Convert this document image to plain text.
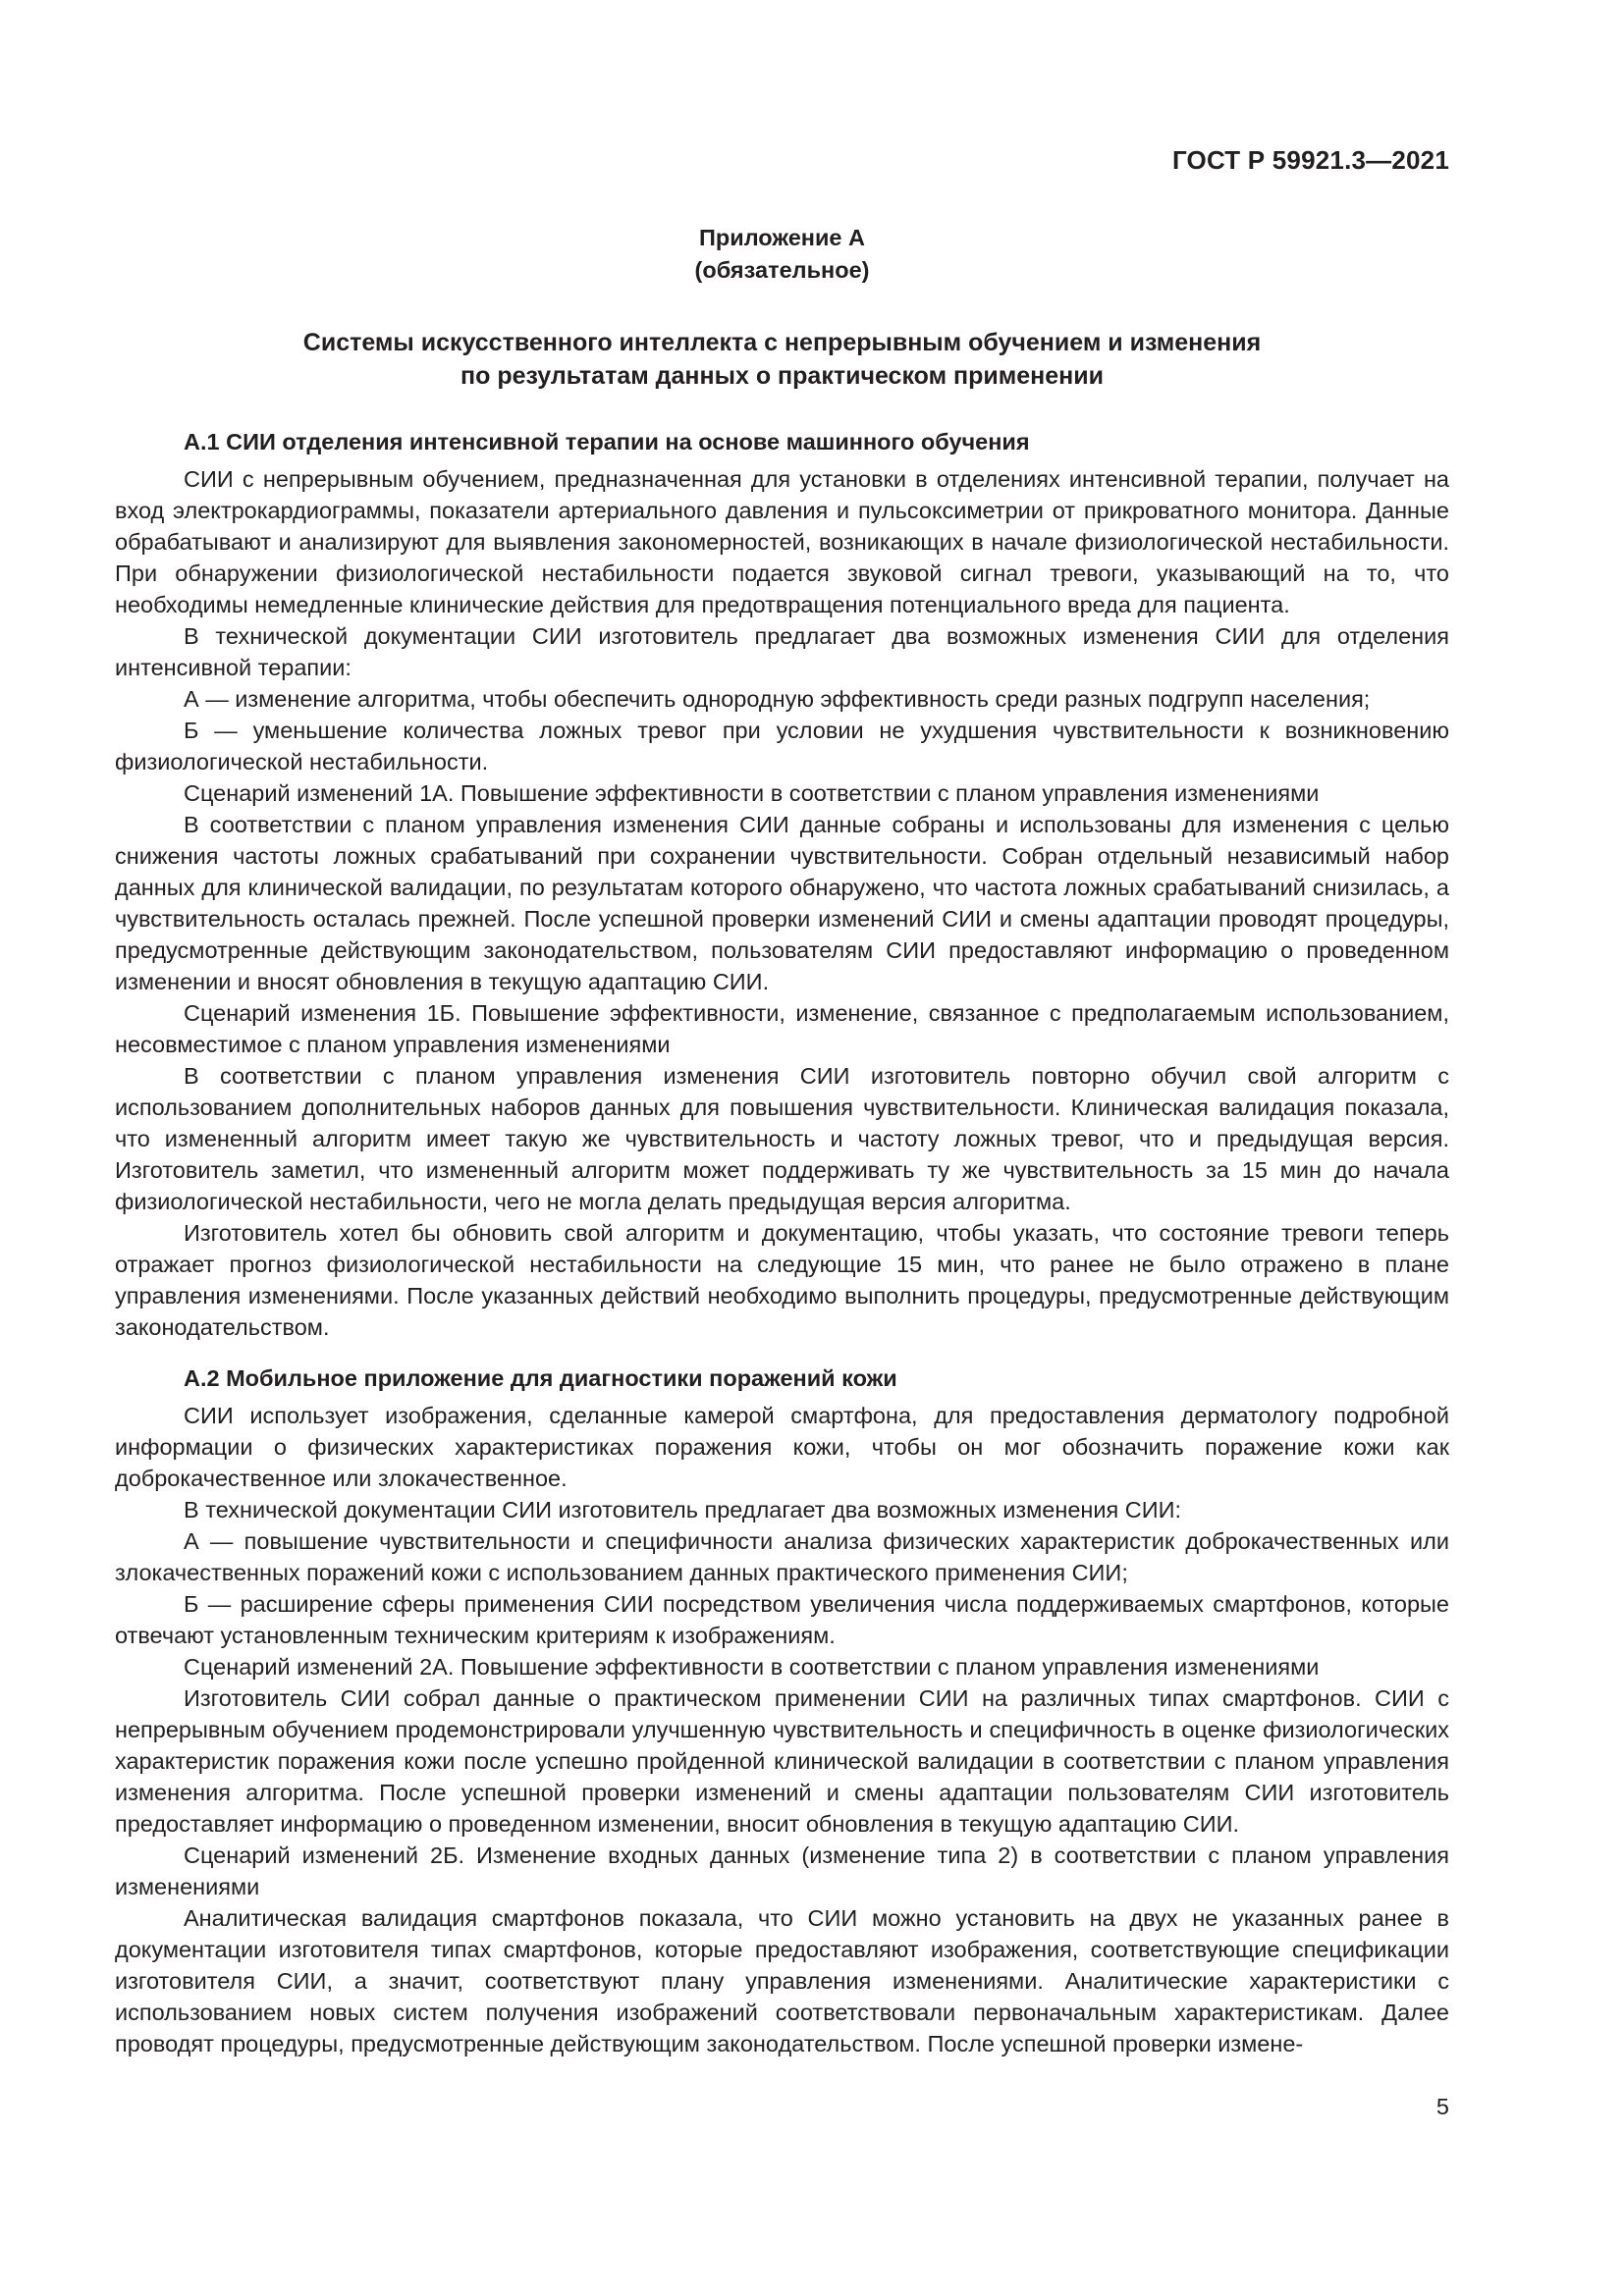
ГОСТ Р 59921.3—2021

Приложение А

(обязательное)

Системы искусственного интеллекта с непрерывным обучением и изменения
по результатам данных о практическом применении
А.1 СИИ отделения интенсивной терапии на основе машинного обучения

СИИ с непрерывным обучением, предназначенная для установки в отделениях интенсивной терапии, получает на вход электрокардиограммы, показатели артериального давления и пульсоксиметрии от прикроватного монитора. Данные обрабатывают и анализируют для выявления закономерностей, возникающих в начале физиологической нестабильности. При обнаружении физиологической нестабильности подается звуковой сигнал тревоги, указывающий на то, что необходимы немедленные клинические действия для предотвращения потенциального вреда для пациента.

В технической документации СИИ изготовитель предлагает два возможных изменения СИИ для отделения интенсивной терапии:

А — изменение алгоритма, чтобы обеспечить однородную эффективность среди разных подгрупп населения;

Б — уменьшение количества ложных тревог при условии не ухудшения чувствительности к возникновению физиологической нестабильности.

Сценарий изменений 1А. Повышение эффективности в соответствии с планом управления изменениями

В соответствии с планом управления изменения СИИ данные собраны и использованы для изменения с целью снижения частоты ложных срабатываний при сохранении чувствительности. Собран отдельный независимый набор данных для клинической валидации, по результатам которого обнаружено, что частота ложных срабатываний снизилась, а чувствительность осталась прежней. После успешной проверки изменений СИИ и смены адаптации проводят процедуры, предусмотренные действующим законодательством, пользователям СИИ предоставляют информацию о проведенном изменении и вносят обновления в текущую адаптацию СИИ.

Сценарий изменения 1Б. Повышение эффективности, изменение, связанное с предполагаемым использованием, несовместимое с планом управления изменениями

В соответствии с планом управления изменения СИИ изготовитель повторно обучил свой алгоритм с использованием дополнительных наборов данных для повышения чувствительности. Клиническая валидация показала, что измененный алгоритм имеет такую же чувствительность и частоту ложных тревог, что и предыдущая версия. Изготовитель заметил, что измененный алгоритм может поддерживать ту же чувствительность за 15 мин до начала физиологической нестабильности, чего не могла делать предыдущая версия алгоритма.

Изготовитель хотел бы обновить свой алгоритм и документацию, чтобы указать, что состояние тревоги теперь отражает прогноз физиологической нестабильности на следующие 15 мин, что ранее не было отражено в плане управления изменениями. После указанных действий необходимо выполнить процедуры, предусмотренные действующим законодательством.

А.2 Мобильное приложение для диагностики поражений кожи

СИИ использует изображения, сделанные камерой смартфона, для предоставления дерматологу подробной информации о физических характеристиках поражения кожи, чтобы он мог обозначить поражение кожи как доброкачественное или злокачественное.

В технической документации СИИ изготовитель предлагает два возможных изменения СИИ:

А — повышение чувствительности и специфичности анализа физических характеристик доброкачественных или злокачественных поражений кожи с использованием данных практического применения СИИ;

Б — расширение сферы применения СИИ посредством увеличения числа поддерживаемых смартфонов, которые отвечают установленным техническим критериям к изображениям.

Сценарий изменений 2А. Повышение эффективности в соответствии с планом управления изменениями

Изготовитель СИИ собрал данные о практическом применении СИИ на различных типах смартфонов. СИИ с непрерывным обучением продемонстрировали улучшенную чувствительность и специфичность в оценке физиологических характеристик поражения кожи после успешно пройденной клинической валидации в соответствии с планом управления изменения алгоритма. После успешной проверки изменений и смены адаптации пользователям СИИ изготовитель предоставляет информацию о проведенном изменении, вносит обновления в текущую адаптацию СИИ.

Сценарий изменений 2Б. Изменение входных данных (изменение типа 2) в соответствии с планом управления изменениями

Аналитическая валидация смартфонов показала, что СИИ можно установить на двух не указанных ранее в документации изготовителя типах смартфонов, которые предоставляют изображения, соответствующие спецификации изготовителя СИИ, а значит, соответствуют плану управления изменениями. Аналитические характеристики с использованием новых систем получения изображений соответствовали первоначальным характеристикам. Далее проводят процедуры, предусмотренные действующим законодательством. После успешной проверки измене-

5
